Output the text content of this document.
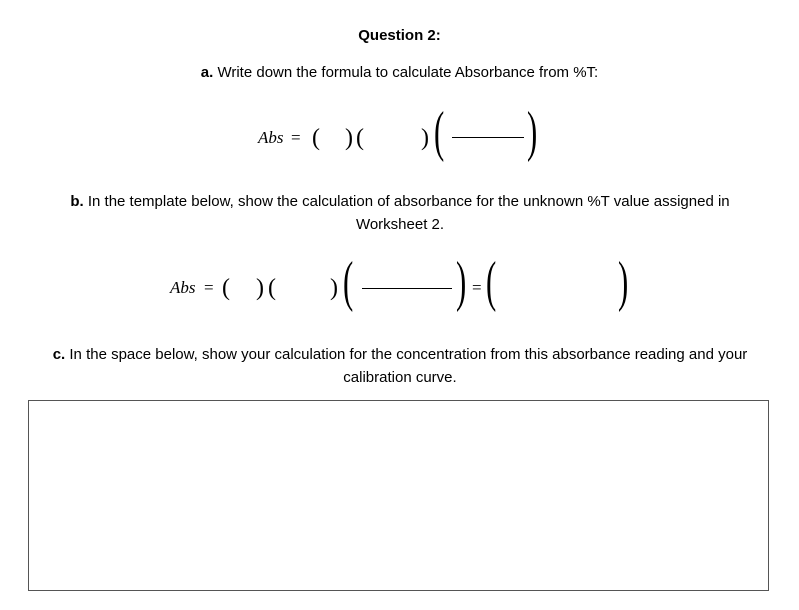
Question 2:
a. Write down the formula to calculate Absorbance from %T:
Abs = ( ) ( ) ( )
b. In the template below, show the calculation of absorbance for the unknown %T value assigned in Worksheet 2.
Abs = ( ) ( ) ( ) = ( )
c. In the space below, show your calculation for the concentration from this absorbance reading and your calibration curve.
